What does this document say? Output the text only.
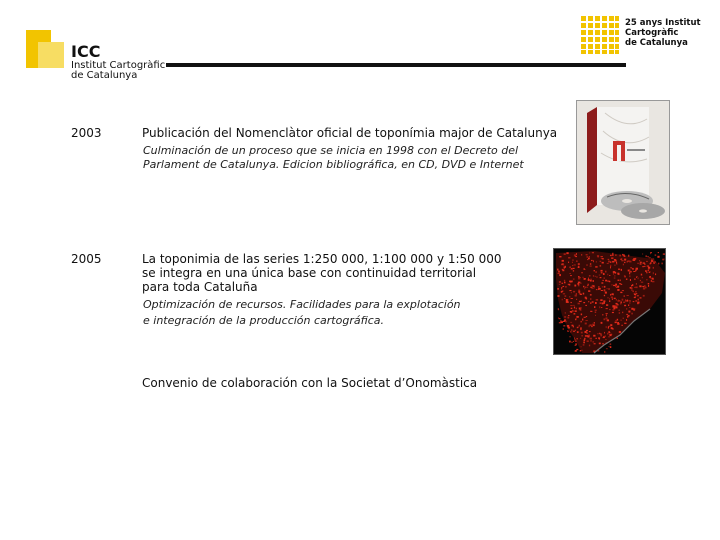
ICC
Institut Cartogràfic
de Catalunya
25 anys Institut
Cartogràfic
de Catalunya
2003	Publicación del Nomenclàtor oficial de toponímia major de Catalunya
Culminación de un proceso que se inicia en 1998 con el Decreto del
Parlament de Catalunya. Edicion bibliográfica, en CD, DVD e Internet
2005	La toponimia de las series 1:250 000, 1:100 000 y 1:50 000
se integra en una única base con continuidad territorial
para toda Cataluña
Optimización de recursos. Facilidades para la explotación
e integración de la producción cartográfica.
Convenio de colaboración con la Societat d’Onomàstica
